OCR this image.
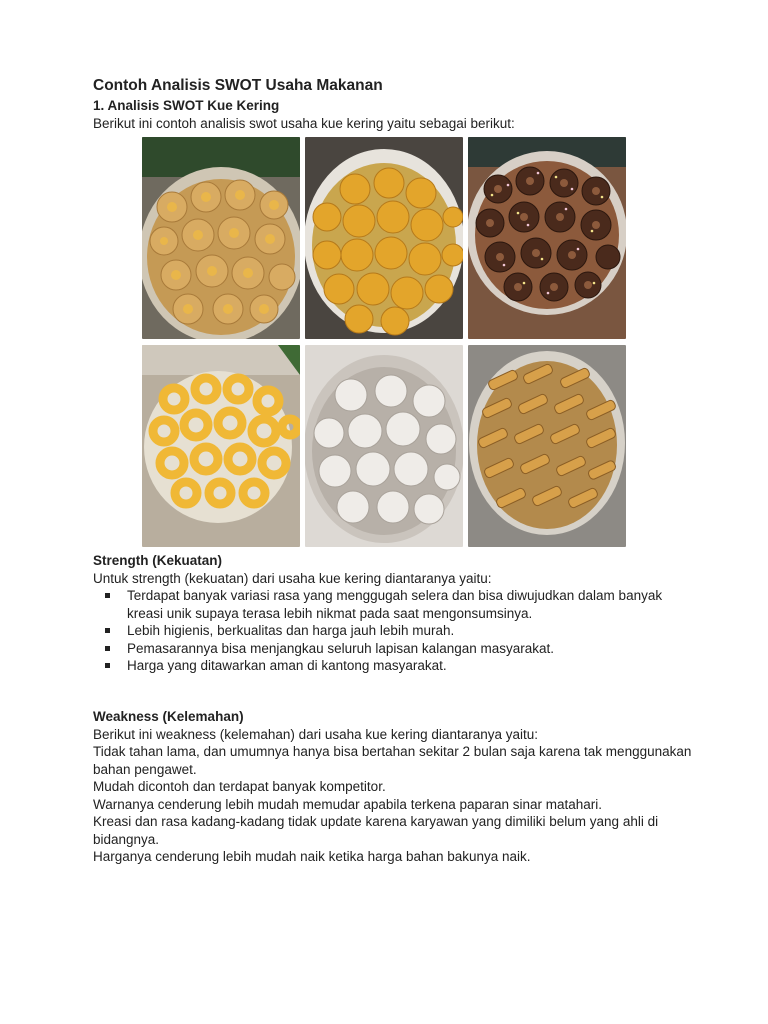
Contoh Analisis SWOT Usaha Makanan
1. Analisis SWOT Kue Kering

Berikut ini contoh analisis swot usaha kue kering yaitu sebagai berikut:

Strength (Kekuatan)

Untuk strength (kekuatan) dari usaha kue kering diantaranya yaitu:

Terdapat banyak variasi rasa yang menggugah selera dan bisa diwujudkan dalam banyak kreasi unik supaya terasa lebih nikmat pada saat mengonsumsinya.
Lebih higienis, berkualitas dan harga jauh lebih murah.
Pemasarannya bisa menjangkau seluruh lapisan kalangan masyarakat.
Harga yang ditawarkan aman di kantong masyarakat.

Weakness (Kelemahan)

Berikut ini weakness (kelemahan) dari usaha kue kering diantaranya yaitu:

Tidak tahan lama, dan umumnya hanya bisa bertahan sekitar 2 bulan saja karena tak menggunakan bahan pengawet.

Mudah dicontoh dan terdapat banyak kompetitor.

Warnanya cenderung lebih mudah memudar apabila terkena paparan sinar matahari.

Kreasi dan rasa kadang-kadang tidak update karena karyawan yang dimiliki belum yang ahli di bidangnya.

Harganya cenderung lebih mudah naik ketika harga bahan bakunya naik.
